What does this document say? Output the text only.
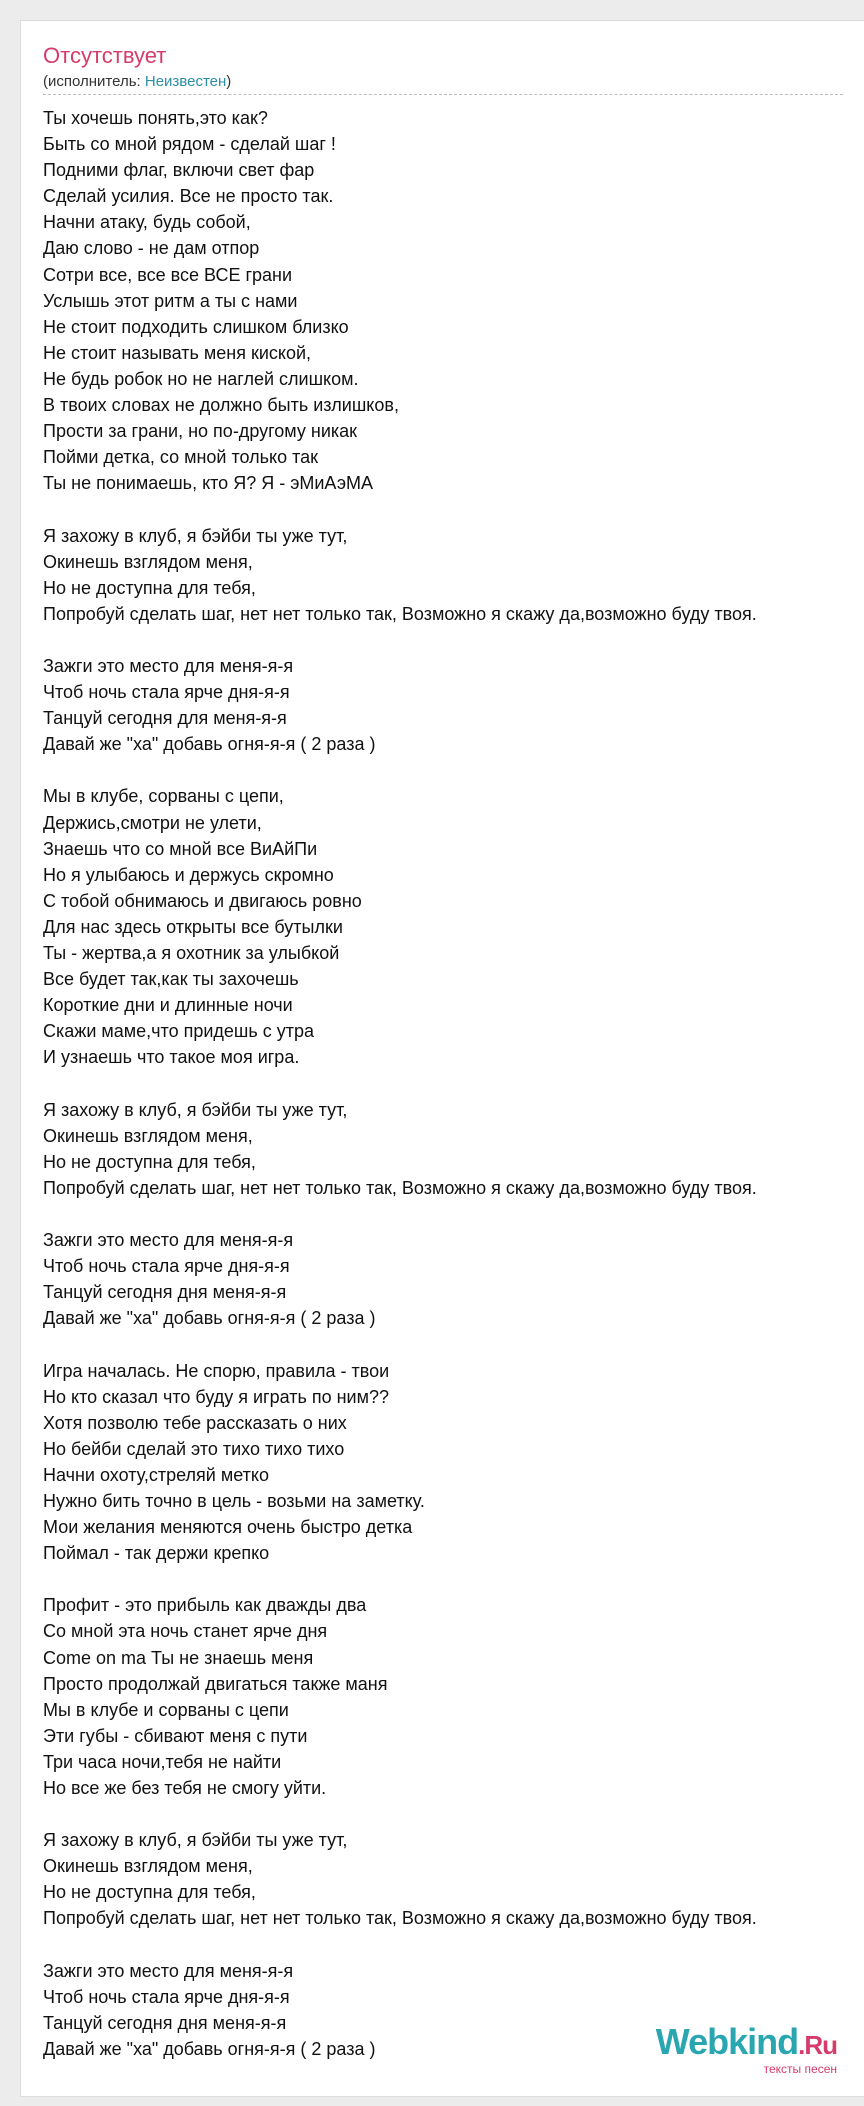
Отсутствует
(исполнитель: Неизвестен)
Ты хочешь понять,это как?
Быть со мной рядом - сделай шаг !
Подними флаг, включи свет фар
Сделай усилия. Все не просто так.
Начни атаку, будь собой,
Даю слово - не дам отпор
Сотри все, все все ВСЕ грани
Услышь этот ритм а ты с нами
Не стоит подходить слишком близко
Не стоит называть меня киской,
Не будь робок но не наглей слишком.
В твоих словах не должно быть излишков,
Прости за грани, но по-другому никак
Пойми детка, со мной только так
Ты не понимаешь, кто Я? Я - эМиАэМА
Я захожу в клуб, я бэйби ты уже тут,
Окинешь взглядом меня,
Но не доступна для тебя,
Попробуй сделать шаг, нет нет только так, Возможно я скажу да,возможно буду твоя.
Зажги это место для меня-я-я
Чтоб ночь стала ярче дня-я-я
Танцуй сегодня для меня-я-я
Давай же "ха" добавь огня-я-я ( 2 раза )
Мы в клубе, сорваны с цепи,
Держись,смотри не улети,
Знаешь что со мной все ВиАйПи
Но я улыбаюсь и держусь скромно
С тобой обнимаюсь и двигаюсь ровно
Для нас здесь открыты все бутылки
Ты - жертва,а я охотник за улыбкой
Все будет так,как ты захочешь
Короткие дни и длинные ночи
Скажи маме,что придешь с утра
И узнаешь что такое моя игра.
Я захожу в клуб, я бэйби ты уже тут,
Окинешь взглядом меня,
Но не доступна для тебя,
Попробуй сделать шаг, нет нет только так, Возможно я скажу да,возможно буду твоя.
Зажги это место для меня-я-я
Чтоб ночь стала ярче дня-я-я
Танцуй сегодня дня меня-я-я
Давай же "ха" добавь огня-я-я ( 2 раза )
Игра началась. Не спорю, правила - твои
Но кто сказал что буду я играть по ним??
Хотя позволю тебе рассказать о них
Но бейби сделай это тихо тихо тихо
Начни охоту,стреляй метко
Нужно бить точно в цель - возьми на заметку.
Мои желания меняются очень быстро детка
Поймал - так держи крепко
Профит - это прибыль как дважды два
Со мной эта ночь станет ярче дня
Come on ma Ты не знаешь меня
Просто продолжай двигаться также маня
Мы в клубе и сорваны с цепи
Эти губы - сбивают меня с пути
Три часа ночи,тебя не найти
Но все же без тебя не смогу уйти.
Я захожу в клуб, я бэйби ты уже тут,
Окинешь взглядом меня,
Но не доступна для тебя,
Попробуй сделать шаг, нет нет только так, Возможно я скажу да,возможно буду твоя.
Зажги это место для меня-я-я
Чтоб ночь стала ярче дня-я-я
Танцуй сегодня дня меня-я-я
Давай же "ха" добавь огня-я-я ( 2 раза )	Webkind.Ru
тексты песен
